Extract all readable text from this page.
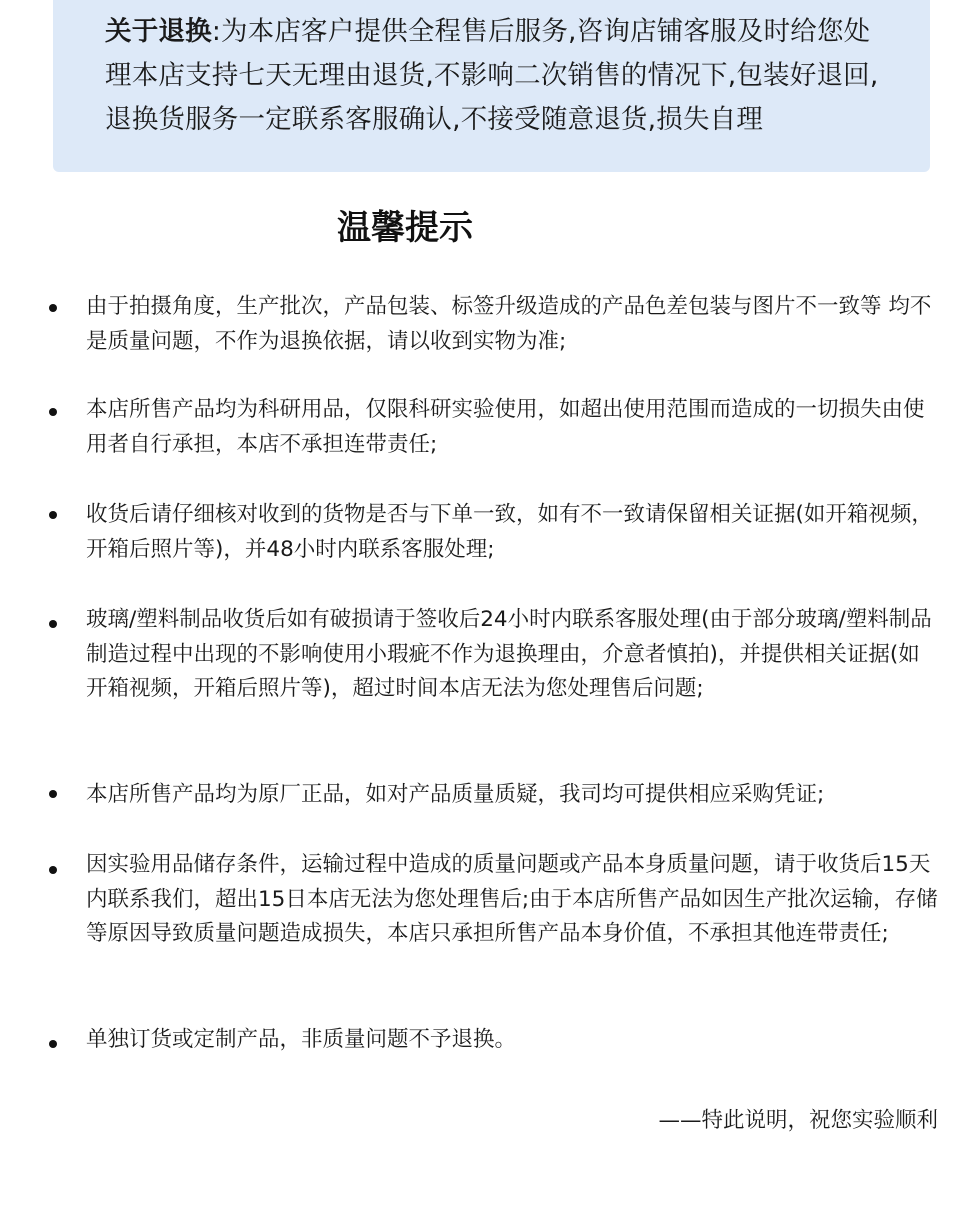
关于退换:为本店客户提供全程售后服务,咨询店铺客服及时给您处理本店支持七天无理由退货,不影响二次销售的情况下,包装好退回,退换货服务一定联系客服确认,不接受随意退货,损失自理
温馨提示
由于拍摄角度，生产批次，产品包装、标签升级造成的产品色差包装与图片不一致等 均不是质量问题，不作为退换依据，请以收到实物为准;
本店所售产品均为科研用品，仅限科研实验使用，如超出使用范围而造成的一切损失由使用者自行承担，本店不承担连带责任;
收货后请仔细核对收到的货物是否与下单一致，如有不一致请保留相关证据(如开箱视频，开箱后照片等)，并48小时内联系客服处理;
玻璃/塑料制品收货后如有破损请于签收后24小时内联系客服处理(由于部分玻璃/塑料制品制造过程中出现的不影响使用小瑕疵不作为退换理由，介意者慎拍)，并提供相关证据(如开箱视频，开箱后照片等)，超过时间本店无法为您处理售后问题;
本店所售产品均为原厂正品，如对产品质量质疑，我司均可提供相应采购凭证;
因实验用品储存条件，运输过程中造成的质量问题或产品本身质量问题，请于收货后15天内联系我们，超出15日本店无法为您处理售后;由于本店所售产品如因生产批次运输，存储等原因导致质量问题造成损失，本店只承担所售产品本身价值，不承担其他连带责任;
单独订货或定制产品，非质量问题不予退换。
——特此说明，祝您实验顺利
